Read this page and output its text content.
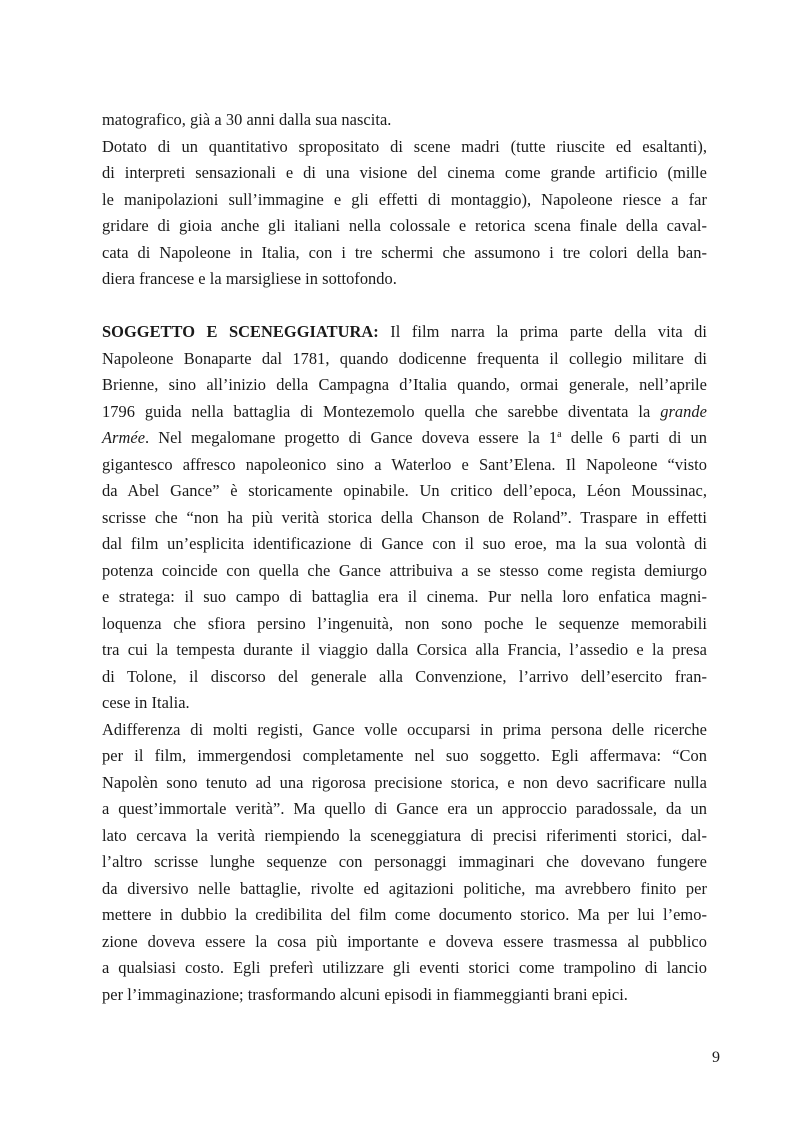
matografico, già a 30 anni dalla sua nascita.
Dotato di un quantitativo spropositato di scene madri (tutte riuscite ed esaltanti),
di interpreti sensazionali e di una visione del cinema come grande artificio (mille
le manipolazioni sull’immagine e gli effetti di montaggio), Napoleone riesce a far
gridare di gioia anche gli italiani nella colossale e retorica scena finale della caval-
cata di Napoleone in Italia, con i tre schermi che assumono i tre colori della ban-
diera francese e la marsigliese in sottofondo.
SOGGETTO E SCENEGGIATURA: Il film narra la prima parte della vita di
Napoleone Bonaparte dal 1781, quando dodicenne frequenta il collegio militare di
Brienne, sino all’inizio della Campagna d’Italia quando, ormai generale, nell’aprile
1796 guida nella battaglia di Montezemolo quella che sarebbe diventata la grande
Armée. Nel megalomane progetto di Gance doveva essere la 1$^a$ delle 6 parti di un
gigantesco affresco napoleonico sino a Waterloo e Sant’Elena. Il Napoleone “visto
da Abel Gance” è storicamente opinabile. Un critico dell’epoca, Léon Moussinac,
scrisse che “non ha più verità storica della Chanson de Roland”. Traspare in effetti
dal film un’esplicita identificazione di Gance con il suo eroe, ma la sua volontà di
potenza coincide con quella che Gance attribuiva a se stesso come regista demiurgo
e stratega: il suo campo di battaglia era il cinema. Pur nella loro enfatica magni-
loquenza che sfiora persino l’ingenuità, non sono poche le sequenze memorabili
tra cui la tempesta durante il viaggio dalla Corsica alla Francia, l’assedio e la presa
di Tolone, il discorso del generale alla Convenzione, l’arrivo dell’esercito fran-
cese in Italia.
Adifferenza di molti registi, Gance volle occuparsi in prima persona delle ricerche
per il film, immergendosi completamente nel suo soggetto. Egli affermava: “Con
Napolèn sono tenuto ad una rigorosa precisione storica, e non devo sacrificare nulla
a quest’immortale verità”. Ma quello di Gance era un approccio paradossale, da un
lato cercava la verità riempiendo la sceneggiatura di precisi riferimenti storici, dal-
l’altro scrisse lunghe sequenze con personaggi immaginari che dovevano fungere
da diversivo nelle battaglie, rivolte ed agitazioni politiche, ma avrebbero finito per
mettere in dubbio la credibilita del film come documento storico. Ma per lui l’emo-
zione doveva essere la cosa più importante e doveva essere trasmessa al pubblico
a qualsiasi costo. Egli preferì utilizzare gli eventi storici come trampolino di lancio
per l’immaginazione; trasformando alcuni episodi in fiammeggianti brani epici.
9
